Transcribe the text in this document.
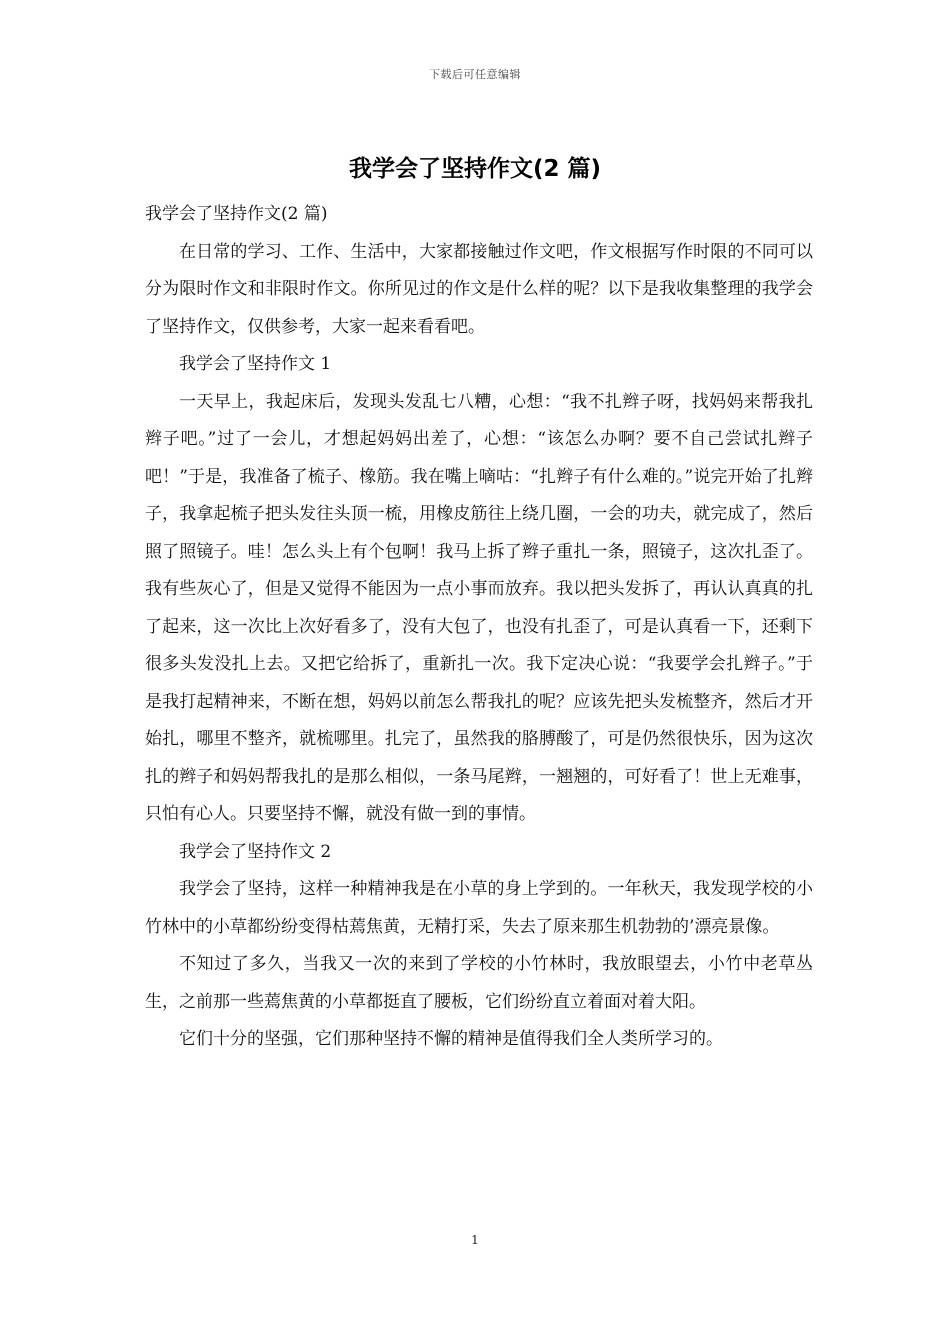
下载后可任意编辑
我学会了坚持作文(2 篇)

我学会了坚持作文(2 篇)

在日常的学习、工作、生活中，大家都接触过作文吧，作文根据写作时限的不同可以分为限时作文和非限时作文。你所见过的作文是什么样的呢？以下是我收集整理的我学会了坚持作文，仅供参考，大家一起来看看吧。

我学会了坚持作文 1

一天早上，我起床后，发现头发乱七八糟，心想：“我不扎辫子呀，找妈妈来帮我扎辫子吧。”过了一会儿，才想起妈妈出差了，心想：“该怎么办啊？要不自己尝试扎辫子吧！”于是，我准备了梳子、橡筋。我在嘴上嘀咕：“扎辫子有什么难的。”说完开始了扎辫子，我拿起梳子把头发往头顶一梳，用橡皮筋往上绕几圈，一会的功夫，就完成了，然后照了照镜子。哇！怎么头上有个包啊！我马上拆了辫子重扎一条，照镜子，这次扎歪了。我有些灰心了，但是又觉得不能因为一点小事而放弃。我以把头发拆了，再认认真真的扎了起来，这一次比上次好看多了，没有大包了，也没有扎歪了，可是认真看一下，还剩下很多头发没扎上去。又把它给拆了，重新扎一次。我下定决心说：“我要学会扎辫子。”于是我打起精神来，不断在想，妈妈以前怎么帮我扎的呢？应该先把头发梳整齐，然后才开始扎，哪里不整齐，就梳哪里。扎完了，虽然我的胳膊酸了，可是仍然很快乐，因为这次扎的辫子和妈妈帮我扎的是那么相似，一条马尾辫，一翘翘的，可好看了！世上无难事，只怕有心人。只要坚持不懈，就没有做一到的事情。

我学会了坚持作文 2

我学会了坚持，这样一种精神我是在小草的身上学到的。一年秋天，我发现学校的小竹林中的小草都纷纷变得枯蔫焦黄，无精打采，失去了原来那生机勃勃的’漂亮景像。

不知过了多久，当我又一次的来到了学校的小竹林时，我放眼望去，小竹中老草丛生，之前那一些蔫焦黄的小草都挺直了腰板，它们纷纷直立着面对着大阳。

它们十分的坚强，它们那种坚持不懈的精神是值得我们全人类所学习的。

1
